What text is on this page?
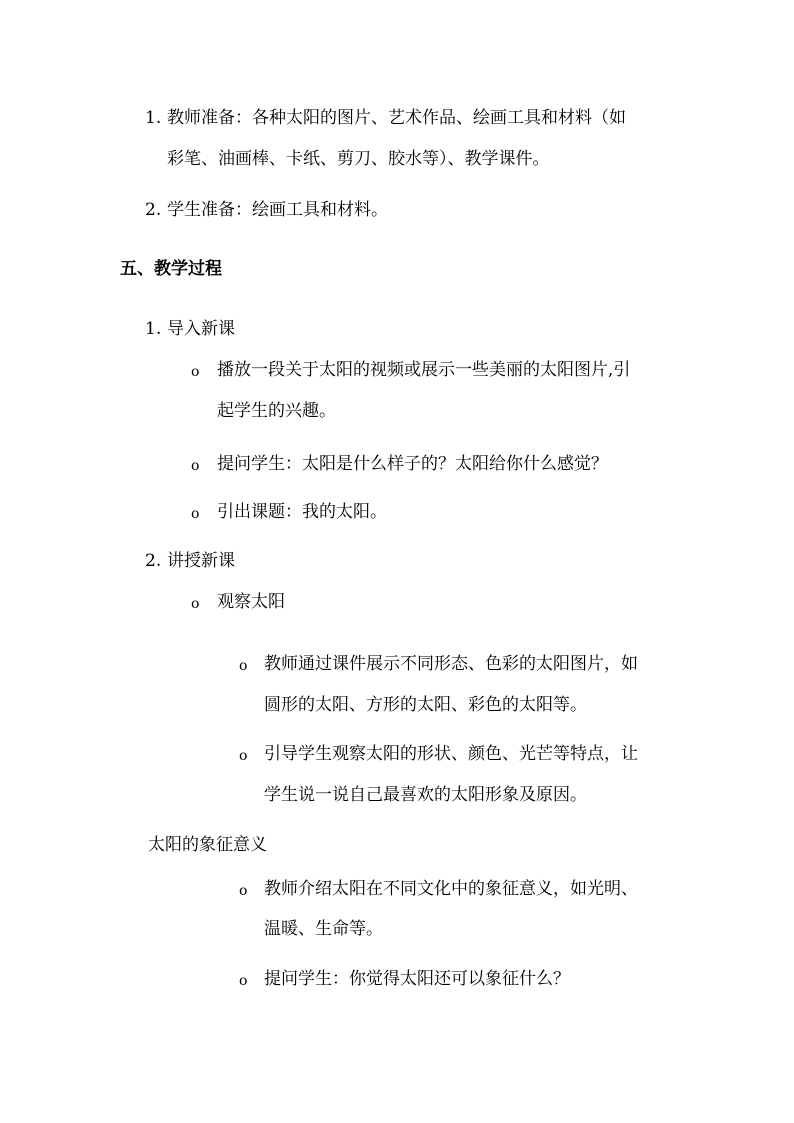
1. 教师准备：各种太阳的图片、艺术作品、绘画工具和材料（如
彩笔、油画棒、卡纸、剪刀、胶水等）、教学课件。
2. 学生准备：绘画工具和材料。
五、教学过程
1. 导入新课
o 播放一段关于太阳的视频或展示一些美丽的太阳图片,引
起学生的兴趣。
o 提问学生：太阳是什么样子的？太阳给你什么感觉？
o 引出课题：我的太阳。
2. 讲授新课
o 观察太阳
o 教师通过课件展示不同形态、色彩的太阳图片，如
圆形的太阳、方形的太阳、彩色的太阳等。
o 引导学生观察太阳的形状、颜色、光芒等特点，让
学生说一说自己最喜欢的太阳形象及原因。
太阳的象征意义
o 教师介绍太阳在不同文化中的象征意义，如光明、
温暖、生命等。
o 提问学生：你觉得太阳还可以象征什么？
